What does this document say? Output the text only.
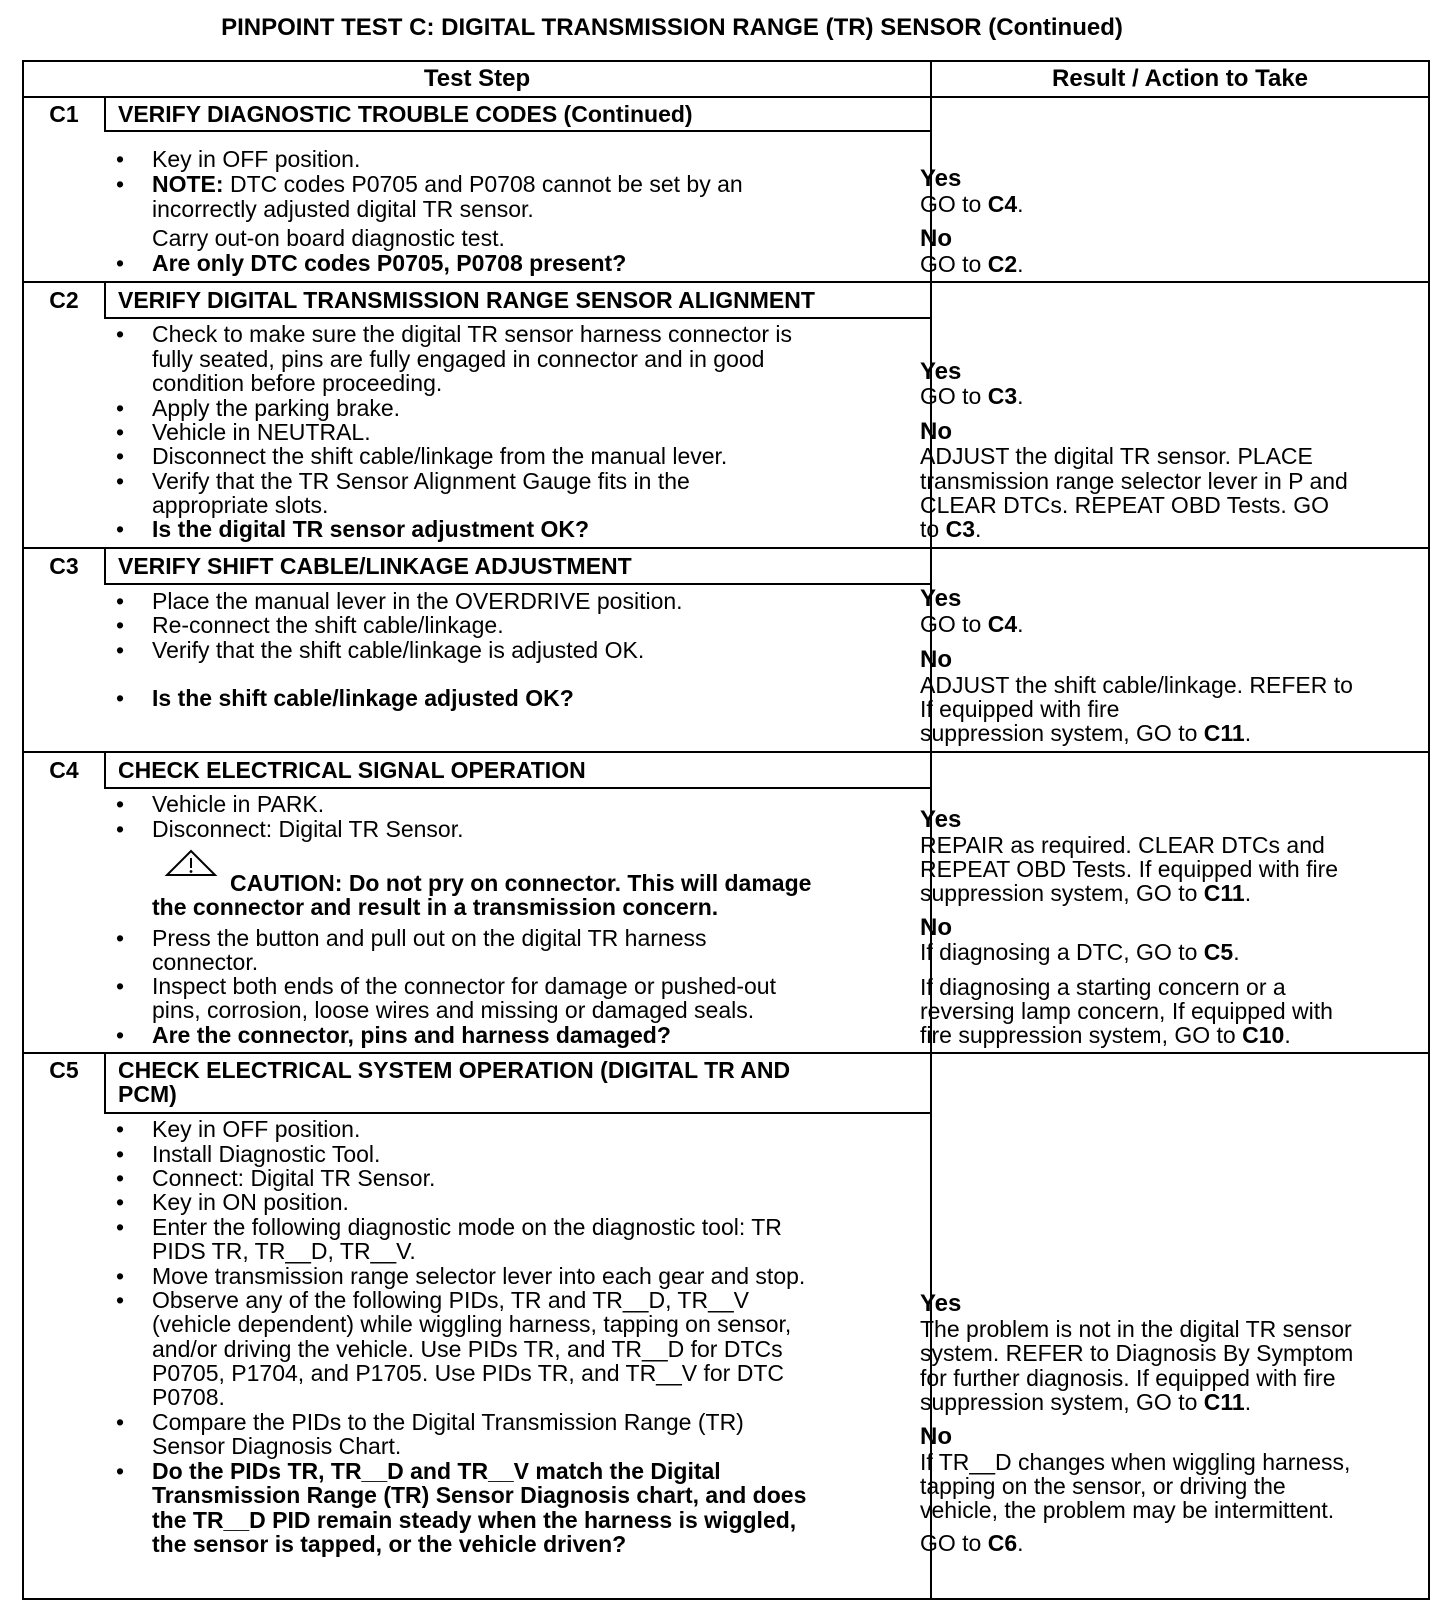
PINPOINT TEST C: DIGITAL TRANSMISSION RANGE (TR) SENSOR (Continued)
Test Step	Result / Action to Take
C1	VERIFY DIAGNOSTIC TROUBLE CODES (Continued)
• Key in OFF position.
• NOTE: DTC codes P0705 and P0708 cannot be set by an
incorrectly adjusted digital TR sensor.
Carry out-on board diagnostic test.
• Are only DTC codes P0705, P0708 present?
Yes
GO to C4.
No
GO to C2.
C2	VERIFY DIGITAL TRANSMISSION RANGE SENSOR ALIGNMENT
• Check to make sure the digital TR sensor harness connector is
fully seated, pins are fully engaged in connector and in good
condition before proceeding.
• Apply the parking brake.
• Vehicle in NEUTRAL.
• Disconnect the shift cable/linkage from the manual lever.
• Verify that the TR Sensor Alignment Gauge fits in the
appropriate slots.
• Is the digital TR sensor adjustment OK?
Yes
GO to C3.
No
ADJUST the digital TR sensor. PLACE
transmission range selector lever in P and
CLEAR DTCs. REPEAT OBD Tests. GO
to C3.
C3	VERIFY SHIFT CABLE/LINKAGE ADJUSTMENT
• Place the manual lever in the OVERDRIVE position.
• Re-connect the shift cable/linkage.
• Verify that the shift cable/linkage is adjusted OK.
• Is the shift cable/linkage adjusted OK?
Yes
GO to C4.
No
ADJUST the shift cable/linkage. REFER to
If equipped with fire
suppression system, GO to C11.
C4	CHECK ELECTRICAL SIGNAL OPERATION
• Vehicle in PARK.
• Disconnect: Digital TR Sensor.
CAUTION: Do not pry on connector. This will damage
the connector and result in a transmission concern.
• Press the button and pull out on the digital TR harness
connector.
• Inspect both ends of the connector for damage or pushed-out
pins, corrosion, loose wires and missing or damaged seals.
• Are the connector, pins and harness damaged?
Yes
REPAIR as required. CLEAR DTCs and
REPEAT OBD Tests. If equipped with fire
suppression system, GO to C11.
No
If diagnosing a DTC, GO to C5.
If diagnosing a starting concern or a
reversing lamp concern, If equipped with
fire suppression system, GO to C10.
C5	CHECK ELECTRICAL SYSTEM OPERATION (DIGITAL TR AND
PCM)
• Key in OFF position.
• Install Diagnostic Tool.
• Connect: Digital TR Sensor.
• Key in ON position.
• Enter the following diagnostic mode on the diagnostic tool: TR
PIDS TR, TR__D, TR__V.
• Move transmission range selector lever into each gear and stop.
• Observe any of the following PIDs, TR and TR__D, TR__V
(vehicle dependent) while wiggling harness, tapping on sensor,
and/or driving the vehicle. Use PIDs TR, and TR__D for DTCs
P0705, P1704, and P1705. Use PIDs TR, and TR__V for DTC
P0708.
• Compare the PIDs to the Digital Transmission Range (TR)
Sensor Diagnosis Chart.
• Do the PIDs TR, TR__D and TR__V match the Digital
Transmission Range (TR) Sensor Diagnosis chart, and does
the TR__D PID remain steady when the harness is wiggled,
the sensor is tapped, or the vehicle driven?
Yes
The problem is not in the digital TR sensor
system. REFER to Diagnosis By Symptom
for further diagnosis. If equipped with fire
suppression system, GO to C11.
No
If TR__D changes when wiggling harness,
tapping on the sensor, or driving the
vehicle, the problem may be intermittent.
GO to C6.
